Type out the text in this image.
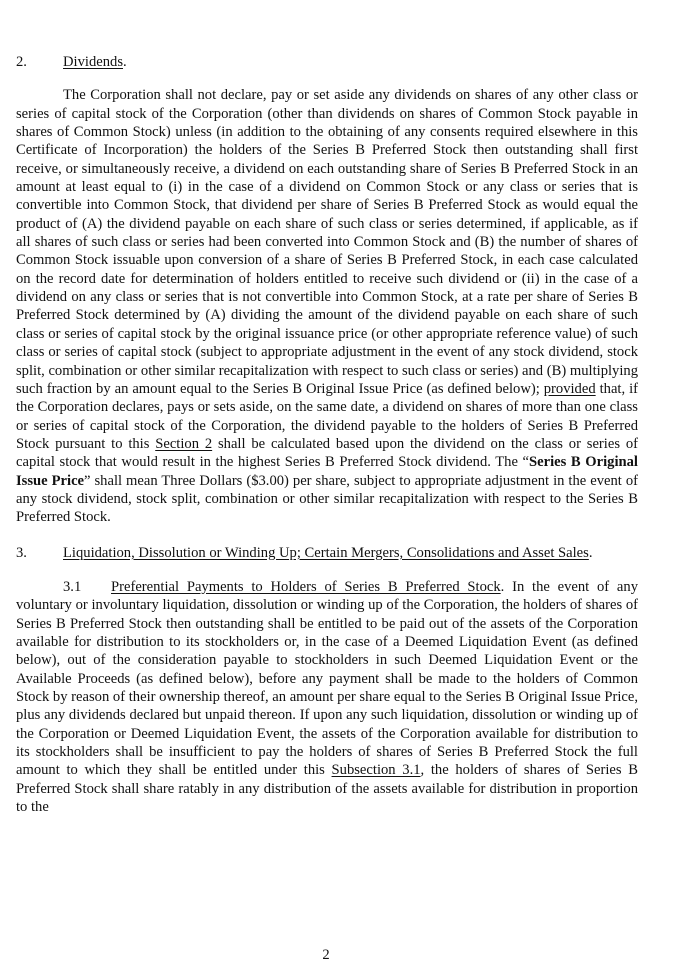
2.	Dividends.

The Corporation shall not declare, pay or set aside any dividends on shares of any other class or series of capital stock of the Corporation (other than dividends on shares of Common Stock payable in shares of Common Stock) unless (in addition to the obtaining of any consents required elsewhere in this Certificate of Incorporation) the holders of the Series B Preferred Stock then outstanding shall first receive, or simultaneously receive, a dividend on each outstanding share of Series B Preferred Stock in an amount at least equal to (i) in the case of a dividend on Common Stock or any class or series that is convertible into Common Stock, that dividend per share of Series B Preferred Stock as would equal the product of (A) the dividend payable on each share of such class or series determined, if applicable, as if all shares of such class or series had been converted into Common Stock and (B) the number of shares of Common Stock issuable upon conversion of a share of Series B Preferred Stock, in each case calculated on the record date for determination of holders entitled to receive such dividend or (ii) in the case of a dividend on any class or series that is not convertible into Common Stock, at a rate per share of Series B Preferred Stock determined by (A) dividing the amount of the dividend payable on each share of such class or series of capital stock by the original issuance price (or other appropriate reference value) of such class or series of capital stock (subject to appropriate adjustment in the event of any stock dividend, stock split, combination or other similar recapitalization with respect to such class or series) and (B) multiplying such fraction by an amount equal to the Series B Original Issue Price (as defined below); provided that, if the Corporation declares, pays or sets aside, on the same date, a dividend on shares of more than one class or series of capital stock of the Corporation, the dividend payable to the holders of Series B Preferred Stock pursuant to this Section 2 shall be calculated based upon the dividend on the class or series of capital stock that would result in the highest Series B Preferred Stock dividend. The “Series B Original Issue Price” shall mean Three Dollars ($3.00) per share, subject to appropriate adjustment in the event of any stock dividend, stock split, combination or other similar recapitalization with respect to the Series B Preferred Stock.

3.	Liquidation, Dissolution or Winding Up; Certain Mergers, Consolidations and Asset Sales.

3.1 Preferential Payments to Holders of Series B Preferred Stock. In the event of any voluntary or involuntary liquidation, dissolution or winding up of the Corporation, the holders of shares of Series B Preferred Stock then outstanding shall be entitled to be paid out of the assets of the Corporation available for distribution to its stockholders or, in the case of a Deemed Liquidation Event (as defined below), out of the consideration payable to stockholders in such Deemed Liquidation Event or the Available Proceeds (as defined below), before any payment shall be made to the holders of Common Stock by reason of their ownership thereof, an amount per share equal to the Series B Original Issue Price, plus any dividends declared but unpaid thereon. If upon any such liquidation, dissolution or winding up of the Corporation or Deemed Liquidation Event, the assets of the Corporation available for distribution to its stockholders shall be insufficient to pay the holders of shares of Series B Preferred Stock the full amount to which they shall be entitled under this Subsection 3.1, the holders of shares of Series B Preferred Stock shall share ratably in any distribution of the assets available for distribution in proportion to the

2
